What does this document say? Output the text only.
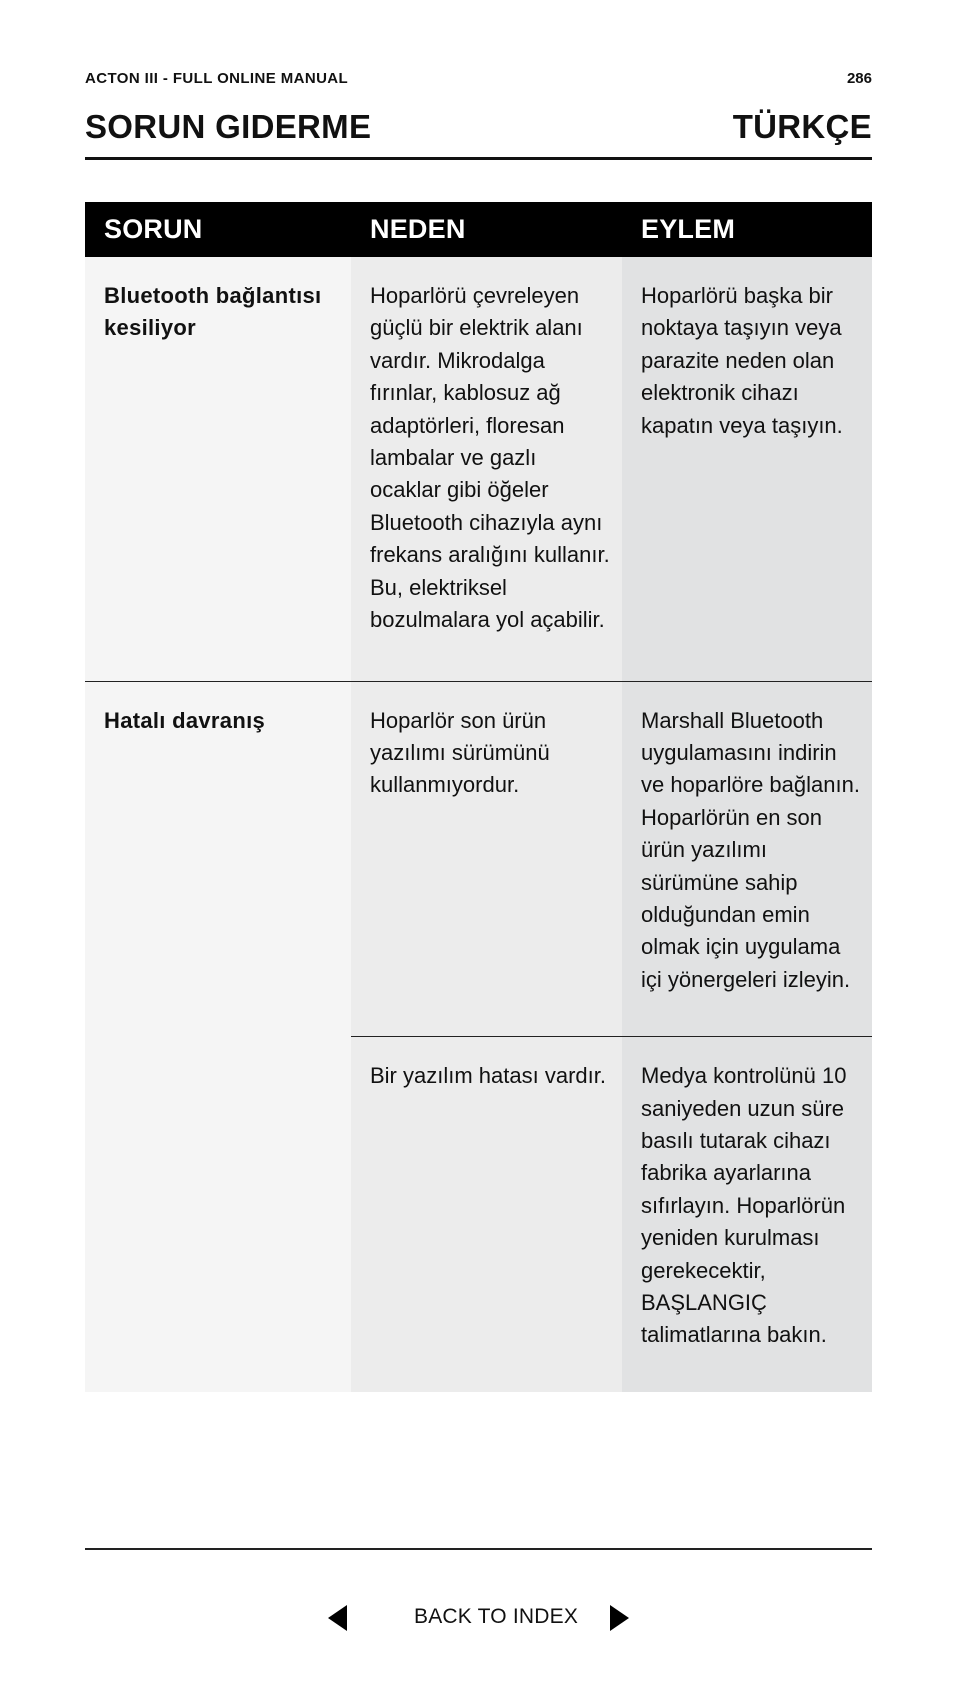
ACTON III - FULL ONLINE MANUAL	286
SORUN GIDERME	TÜRKÇE
SORUN	NEDEN	EYLEM
Bluetooth bağlantısı kesiliyor	Hoparlörü çevreleyen güçlü bir elektrik alanı vardır. Mikrodalga fırınlar, kablosuz ağ adaptörleri, floresan lambalar ve gazlı ocaklar gibi öğeler Bluetooth cihazıyla aynı frekans aralığını kullanır. Bu, elektriksel bozulmalara yol açabilir.	Hoparlörü başka bir noktaya taşıyın veya parazite neden olan elektronik cihazı kapatın veya taşıyın.
Hatalı davranış	Hoparlör son ürün yazılımı sürümünü kullanmıyordur.	Marshall Bluetooth uygulamasını indirin ve hoparlöre bağlanın. Hoparlörün en son ürün yazılımı sürümüne sahip olduğundan emin olmak için uygulama içi yönergeleri izleyin.
	Bir yazılım hatası vardır.	Medya kontrolünü 10 saniyeden uzun süre basılı tutarak cihazı fabrika ayarlarına sıfırlayın. Hoparlörün yeniden kurulması gerekecektir, BAŞLANGIÇ talimatlarına bakın.
BACK TO INDEX
